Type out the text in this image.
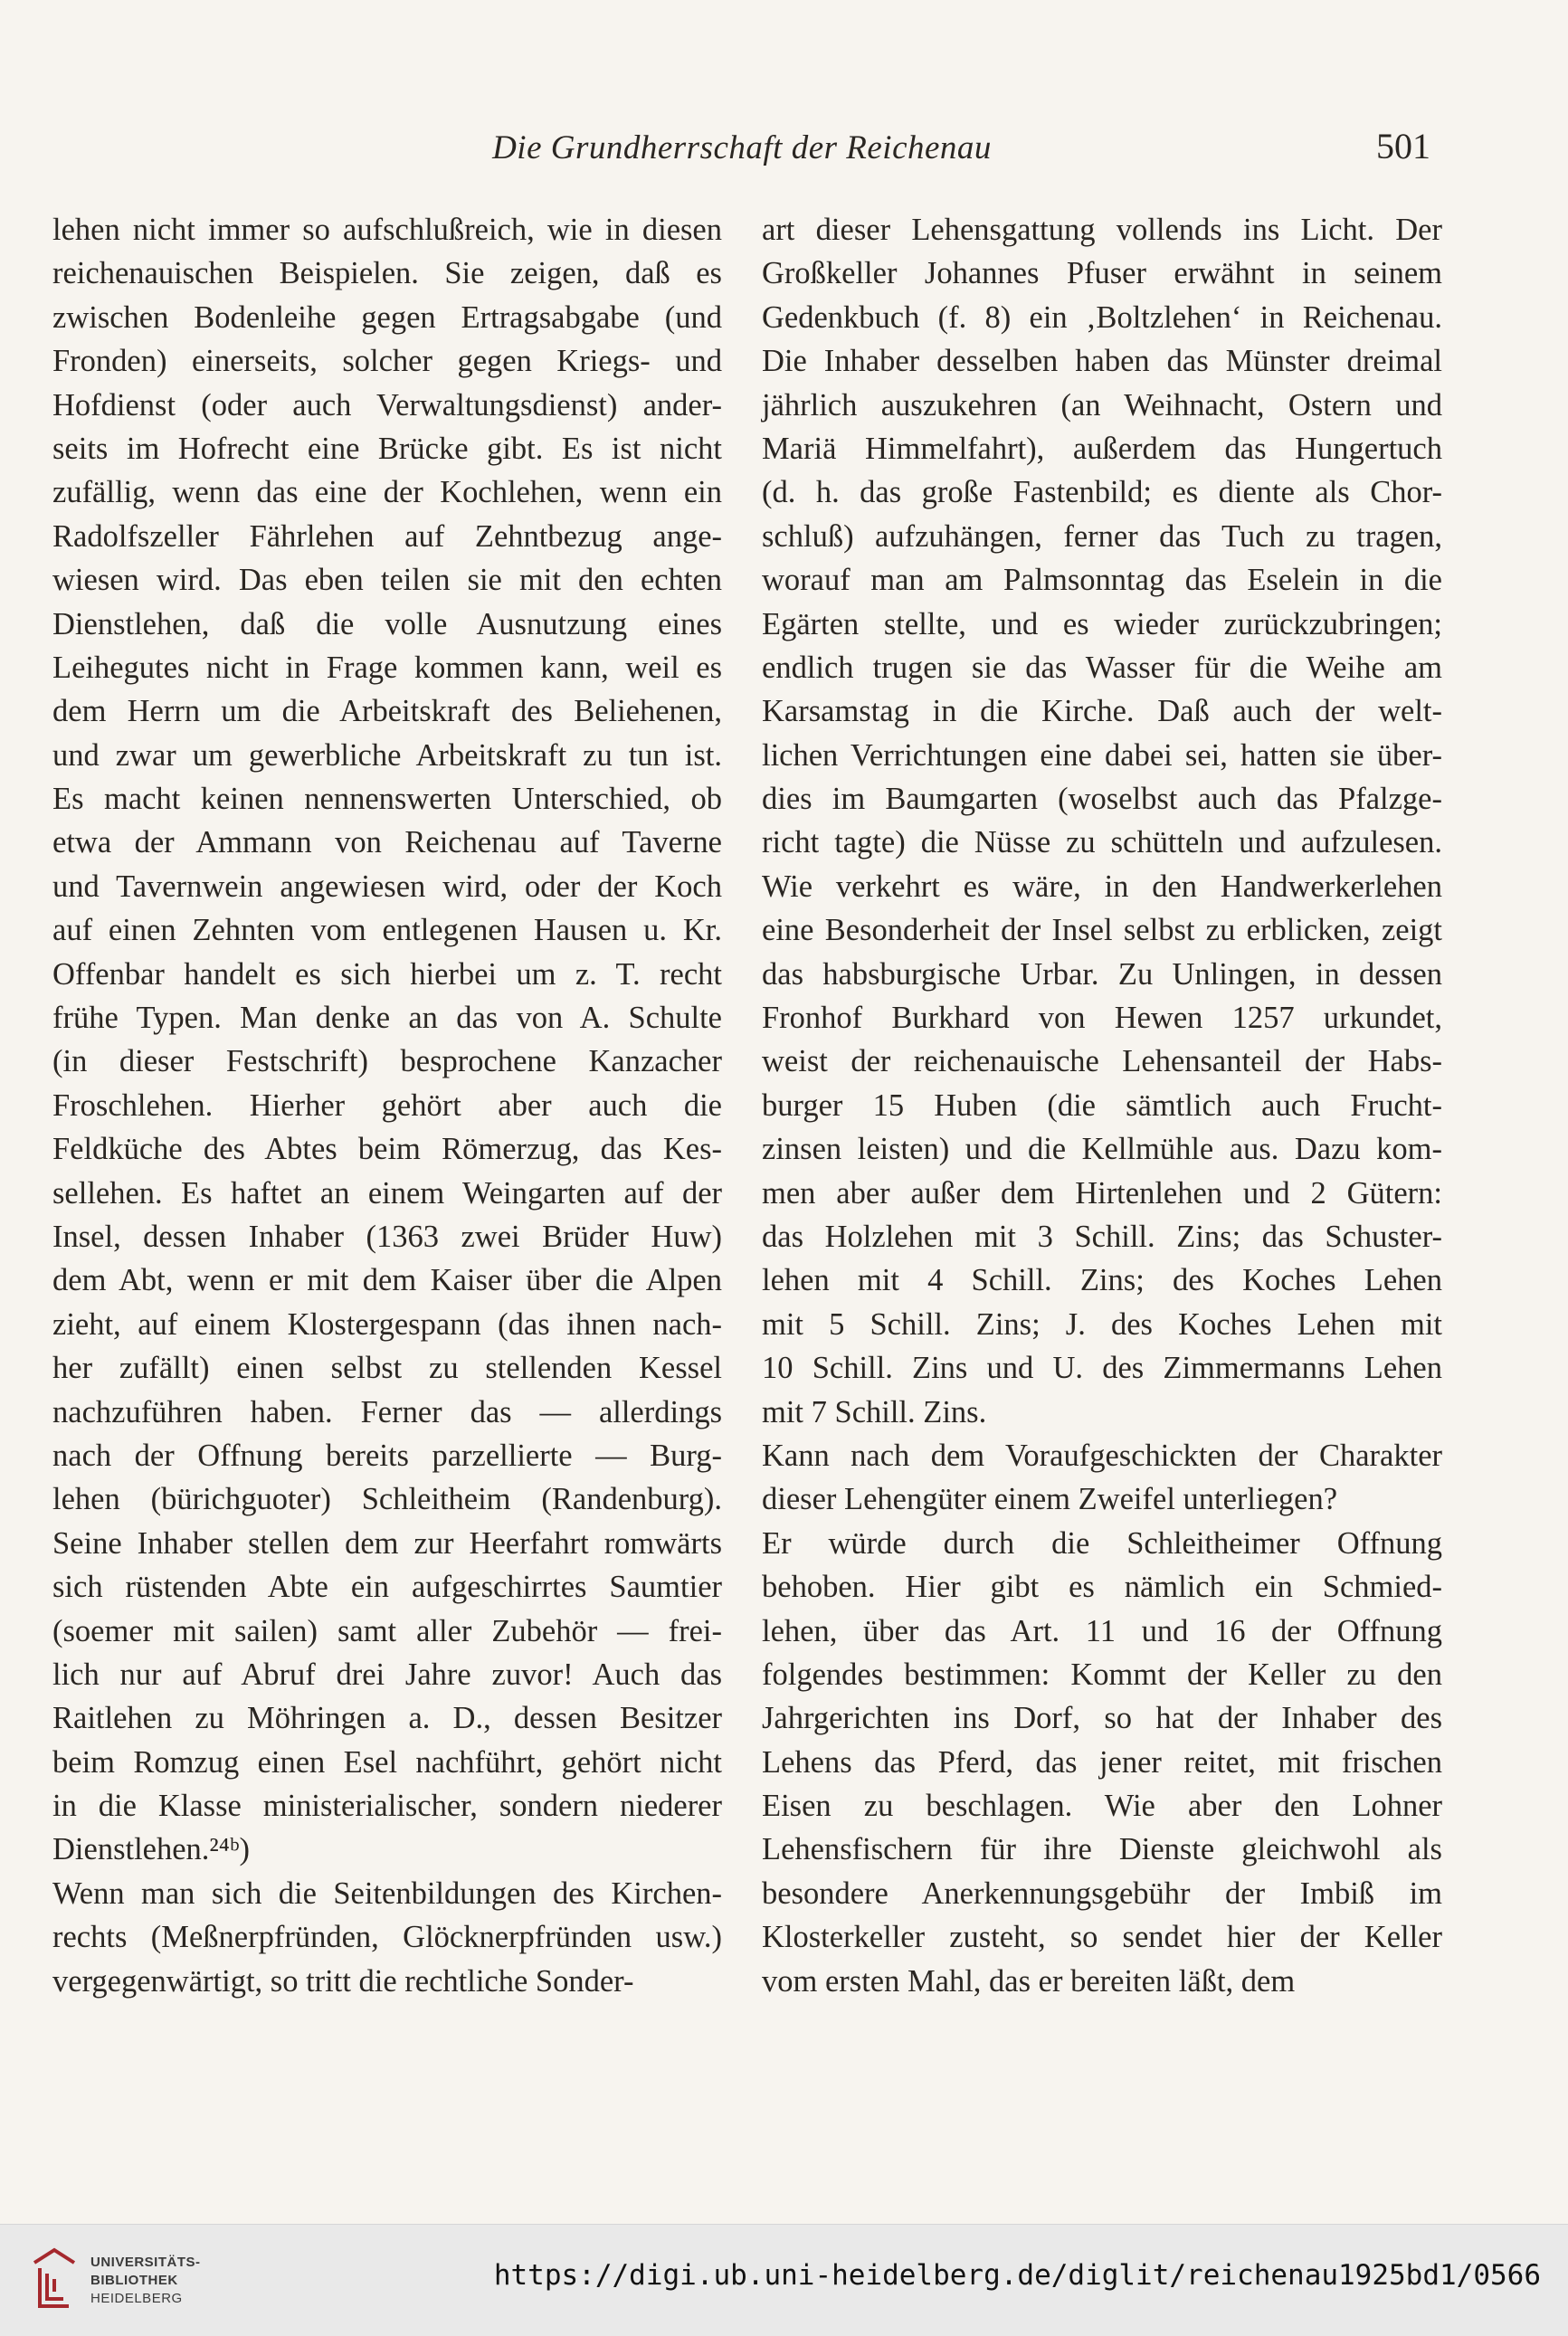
Die Grundherrschaft der Reichenau	501
lehen nicht immer so aufschlußreich, wie in diesen
reichenauischen Beispielen. Sie zeigen, daß es
zwischen Bodenleihe gegen Ertragsabgabe (und
Fronden) einerseits, solcher gegen Kriegs- und
Hofdienst (oder auch Verwaltungsdienst) ander-
seits im Hofrecht eine Brücke gibt. Es ist nicht
zufällig, wenn das eine der Kochlehen, wenn ein
Radolfszeller Fährlehen auf Zehntbezug ange-
wiesen wird. Das eben teilen sie mit den echten
Dienstlehen, daß die volle Ausnutzung eines
Leihegutes nicht in Frage kommen kann, weil es
dem Herrn um die Arbeitskraft des Beliehenen,
und zwar um gewerbliche Arbeitskraft zu tun ist.
Es macht keinen nennenswerten Unterschied, ob
etwa der Ammann von Reichenau auf Taverne
und Tavernwein angewiesen wird, oder der Koch
auf einen Zehnten vom entlegenen Hausen u. Kr.
Offenbar handelt es sich hierbei um z. T. recht
frühe Typen. Man denke an das von A. Schulte
(in dieser Festschrift) besprochene Kanzacher
Froschlehen. Hierher gehört aber auch die
Feldküche des Abtes beim Römerzug, das Kes-
sellehen. Es haftet an einem Weingarten auf der
Insel, dessen Inhaber (1363 zwei Brüder Huw)
dem Abt, wenn er mit dem Kaiser über die Alpen
zieht, auf einem Klostergespann (das ihnen nach-
her zufällt) einen selbst zu stellenden Kessel
nachzuführen haben. Ferner das — allerdings
nach der Offnung bereits parzellierte — Burg-
lehen (bürichguoter) Schleitheim (Randenburg).
Seine Inhaber stellen dem zur Heerfahrt romwärts
sich rüstenden Abte ein aufgeschirrtes Saumtier
(soemer mit sailen) samt aller Zubehör — frei-
lich nur auf Abruf drei Jahre zuvor! Auch das
Raitlehen zu Möhringen a. D., dessen Besitzer
beim Romzug einen Esel nachführt, gehört nicht
in die Klasse ministerialischer, sondern niederer
Dienstlehen.²⁴ᵇ)
Wenn man sich die Seitenbildungen des Kirchen-
rechts (Meßnerpfründen, Glöcknerpfründen usw.)
vergegenwärtigt, so tritt die rechtliche Sonder-
art dieser Lehensgattung vollends ins Licht. Der
Großkeller Johannes Pfuser erwähnt in seinem
Gedenkbuch (f. 8) ein ‚Boltzlehen‘ in Reichenau.
Die Inhaber desselben haben das Münster dreimal
jährlich auszukehren (an Weihnacht, Ostern und
Mariä Himmelfahrt), außerdem das Hungertuch
(d. h. das große Fastenbild; es diente als Chor-
schluß) aufzuhängen, ferner das Tuch zu tragen,
worauf man am Palmsonntag das Eselein in die
Egärten stellte, und es wieder zurückzubringen;
endlich trugen sie das Wasser für die Weihe am
Karsamstag in die Kirche. Daß auch der welt-
lichen Verrichtungen eine dabei sei, hatten sie über-
dies im Baumgarten (woselbst auch das Pfalzge-
richt tagte) die Nüsse zu schütteln und aufzulesen.
Wie verkehrt es wäre, in den Handwerkerlehen
eine Besonderheit der Insel selbst zu erblicken, zeigt
das habsburgische Urbar. Zu Unlingen, in dessen
Fronhof Burkhard von Hewen 1257 urkundet,
weist der reichenauische Lehensanteil der Habs-
burger 15 Huben (die sämtlich auch Frucht-
zinsen leisten) und die Kellmühle aus. Dazu kom-
men aber außer dem Hirtenlehen und 2 Gütern:
das Holzlehen mit 3 Schill. Zins; das Schuster-
lehen mit 4 Schill. Zins; des Koches Lehen
mit 5 Schill. Zins; J. des Koches Lehen mit
10 Schill. Zins und U. des Zimmermanns Lehen
mit 7 Schill. Zins.
Kann nach dem Voraufgeschickten der Charakter
dieser Lehengüter einem Zweifel unterliegen?
Er würde durch die Schleitheimer Offnung
behoben. Hier gibt es nämlich ein Schmied-
lehen, über das Art. 11 und 16 der Offnung
folgendes bestimmen: Kommt der Keller zu den
Jahrgerichten ins Dorf, so hat der Inhaber des
Lehens das Pferd, das jener reitet, mit frischen
Eisen zu beschlagen. Wie aber den Lohner
Lehensfischern für ihre Dienste gleichwohl als
besondere Anerkennungsgebühr der Imbiß im
Klosterkeller zusteht, so sendet hier der Keller
vom ersten Mahl, das er bereiten läßt, dem
UNIVERSITÄTS-
BIBLIOTHEK
HEIDELBERG
https://digi.ub.uni-heidelberg.de/diglit/reichenau1925bd1/0566
